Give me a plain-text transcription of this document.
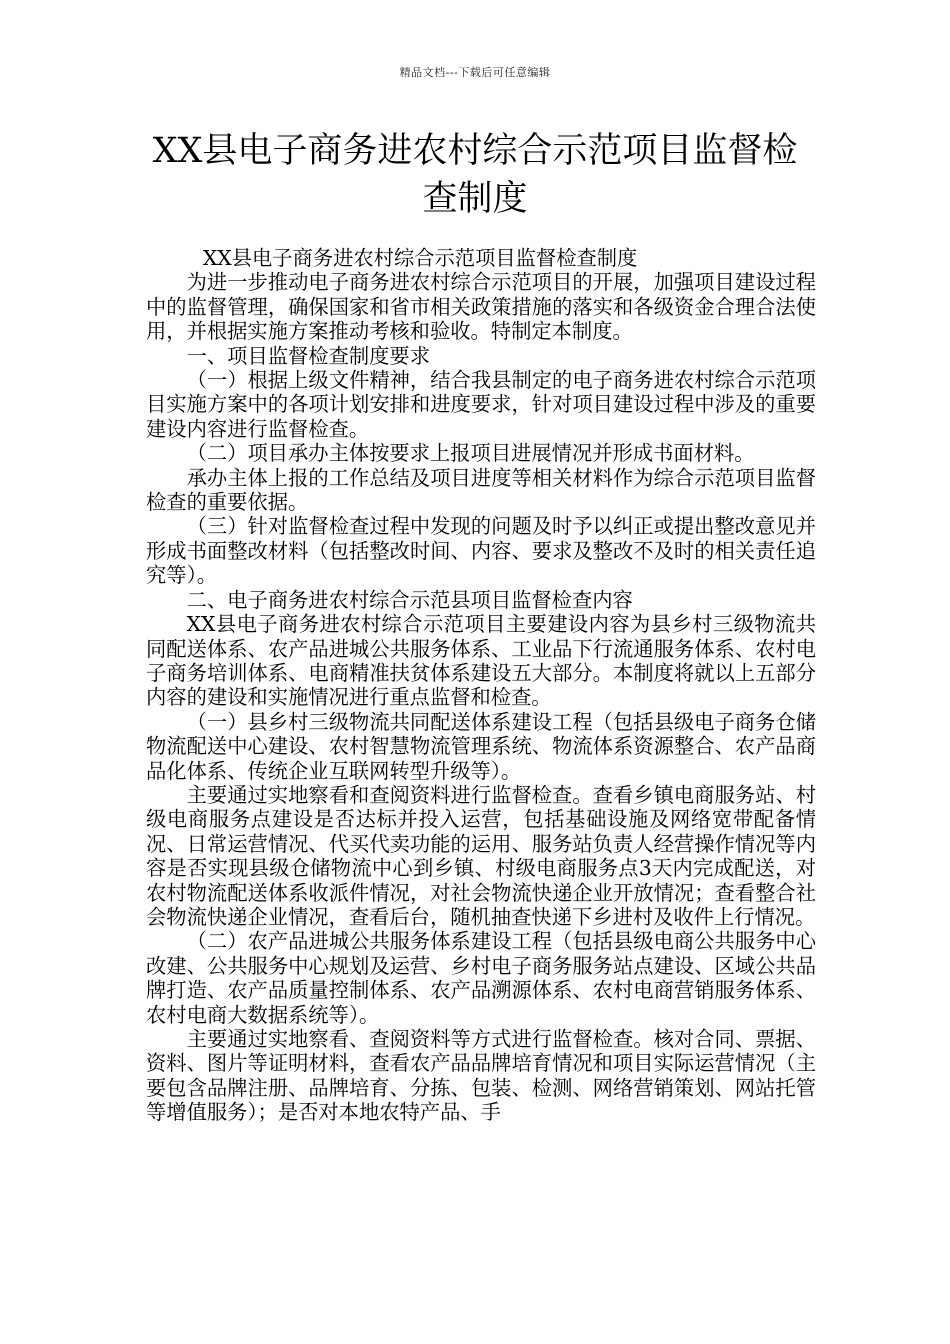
精品文档---下载后可任意编辑
XX县电子商务进农村综合示范项目监督检查制度

XX县电子商务进农村综合示范项目监督检查制度

为进一步推动电子商务进农村综合示范项目的开展，加强项目建设过程中的监督管理，确保国家和省市相关政策措施的落实和各级资金合理合法使用，并根据实施方案推动考核和验收。特制定本制度。

一、项目监督检查制度要求

（一）根据上级文件精神，结合我县制定的电子商务进农村综合示范项目实施方案中的各项计划安排和进度要求，针对项目建设过程中涉及的重要建设内容进行监督检查。

（二）项目承办主体按要求上报项目进展情况并形成书面材料。

承办主体上报的工作总结及项目进度等相关材料作为综合示范项目监督检查的重要依据。

（三）针对监督检查过程中发现的问题及时予以纠正或提出整改意见并形成书面整改材料（包括整改时间、内容、要求及整改不及时的相关责任追究等）。

二、电子商务进农村综合示范县项目监督检查内容

XX县电子商务进农村综合示范项目主要建设内容为县乡村三级物流共同配送体系、农产品进城公共服务体系、工业品下行流通服务体系、农村电子商务培训体系、电商精准扶贫体系建设五大部分。本制度将就以上五部分内容的建设和实施情况进行重点监督和检查。

（一）县乡村三级物流共同配送体系建设工程（包括县级电子商务仓储物流配送中心建设、农村智慧物流管理系统、物流体系资源整合、农产品商品化体系、传统企业互联网转型升级等）。

主要通过实地察看和查阅资料进行监督检查。查看乡镇电商服务站、村级电商服务点建设是否达标并投入运营，包括基础设施及网络宽带配备情况、日常运营情况、代买代卖功能的运用、服务站负责人经营操作情况等内容是否实现县级仓储物流中心到乡镇、村级电商服务点3天内完成配送，对农村物流配送体系收派件情况，对社会物流快递企业开放情况；查看整合社会物流快递企业情况，查看后台，随机抽查快递下乡进村及收件上行情况。

（二）农产品进城公共服务体系建设工程（包括县级电商公共服务中心改建、公共服务中心规划及运营、乡村电子商务服务站点建设、区域公共品牌打造、农产品质量控制体系、农产品溯源体系、农村电商营销服务体系、农村电商大数据系统等）。

主要通过实地察看、查阅资料等方式进行监督检查。核对合同、票据、资料、图片等证明材料，查看农产品品牌培育情况和项目实际运营情况（主要包含品牌注册、品牌培育、分拣、包装、检测、网络营销策划、网站托管等增值服务）；是否对本地农特产品、手
